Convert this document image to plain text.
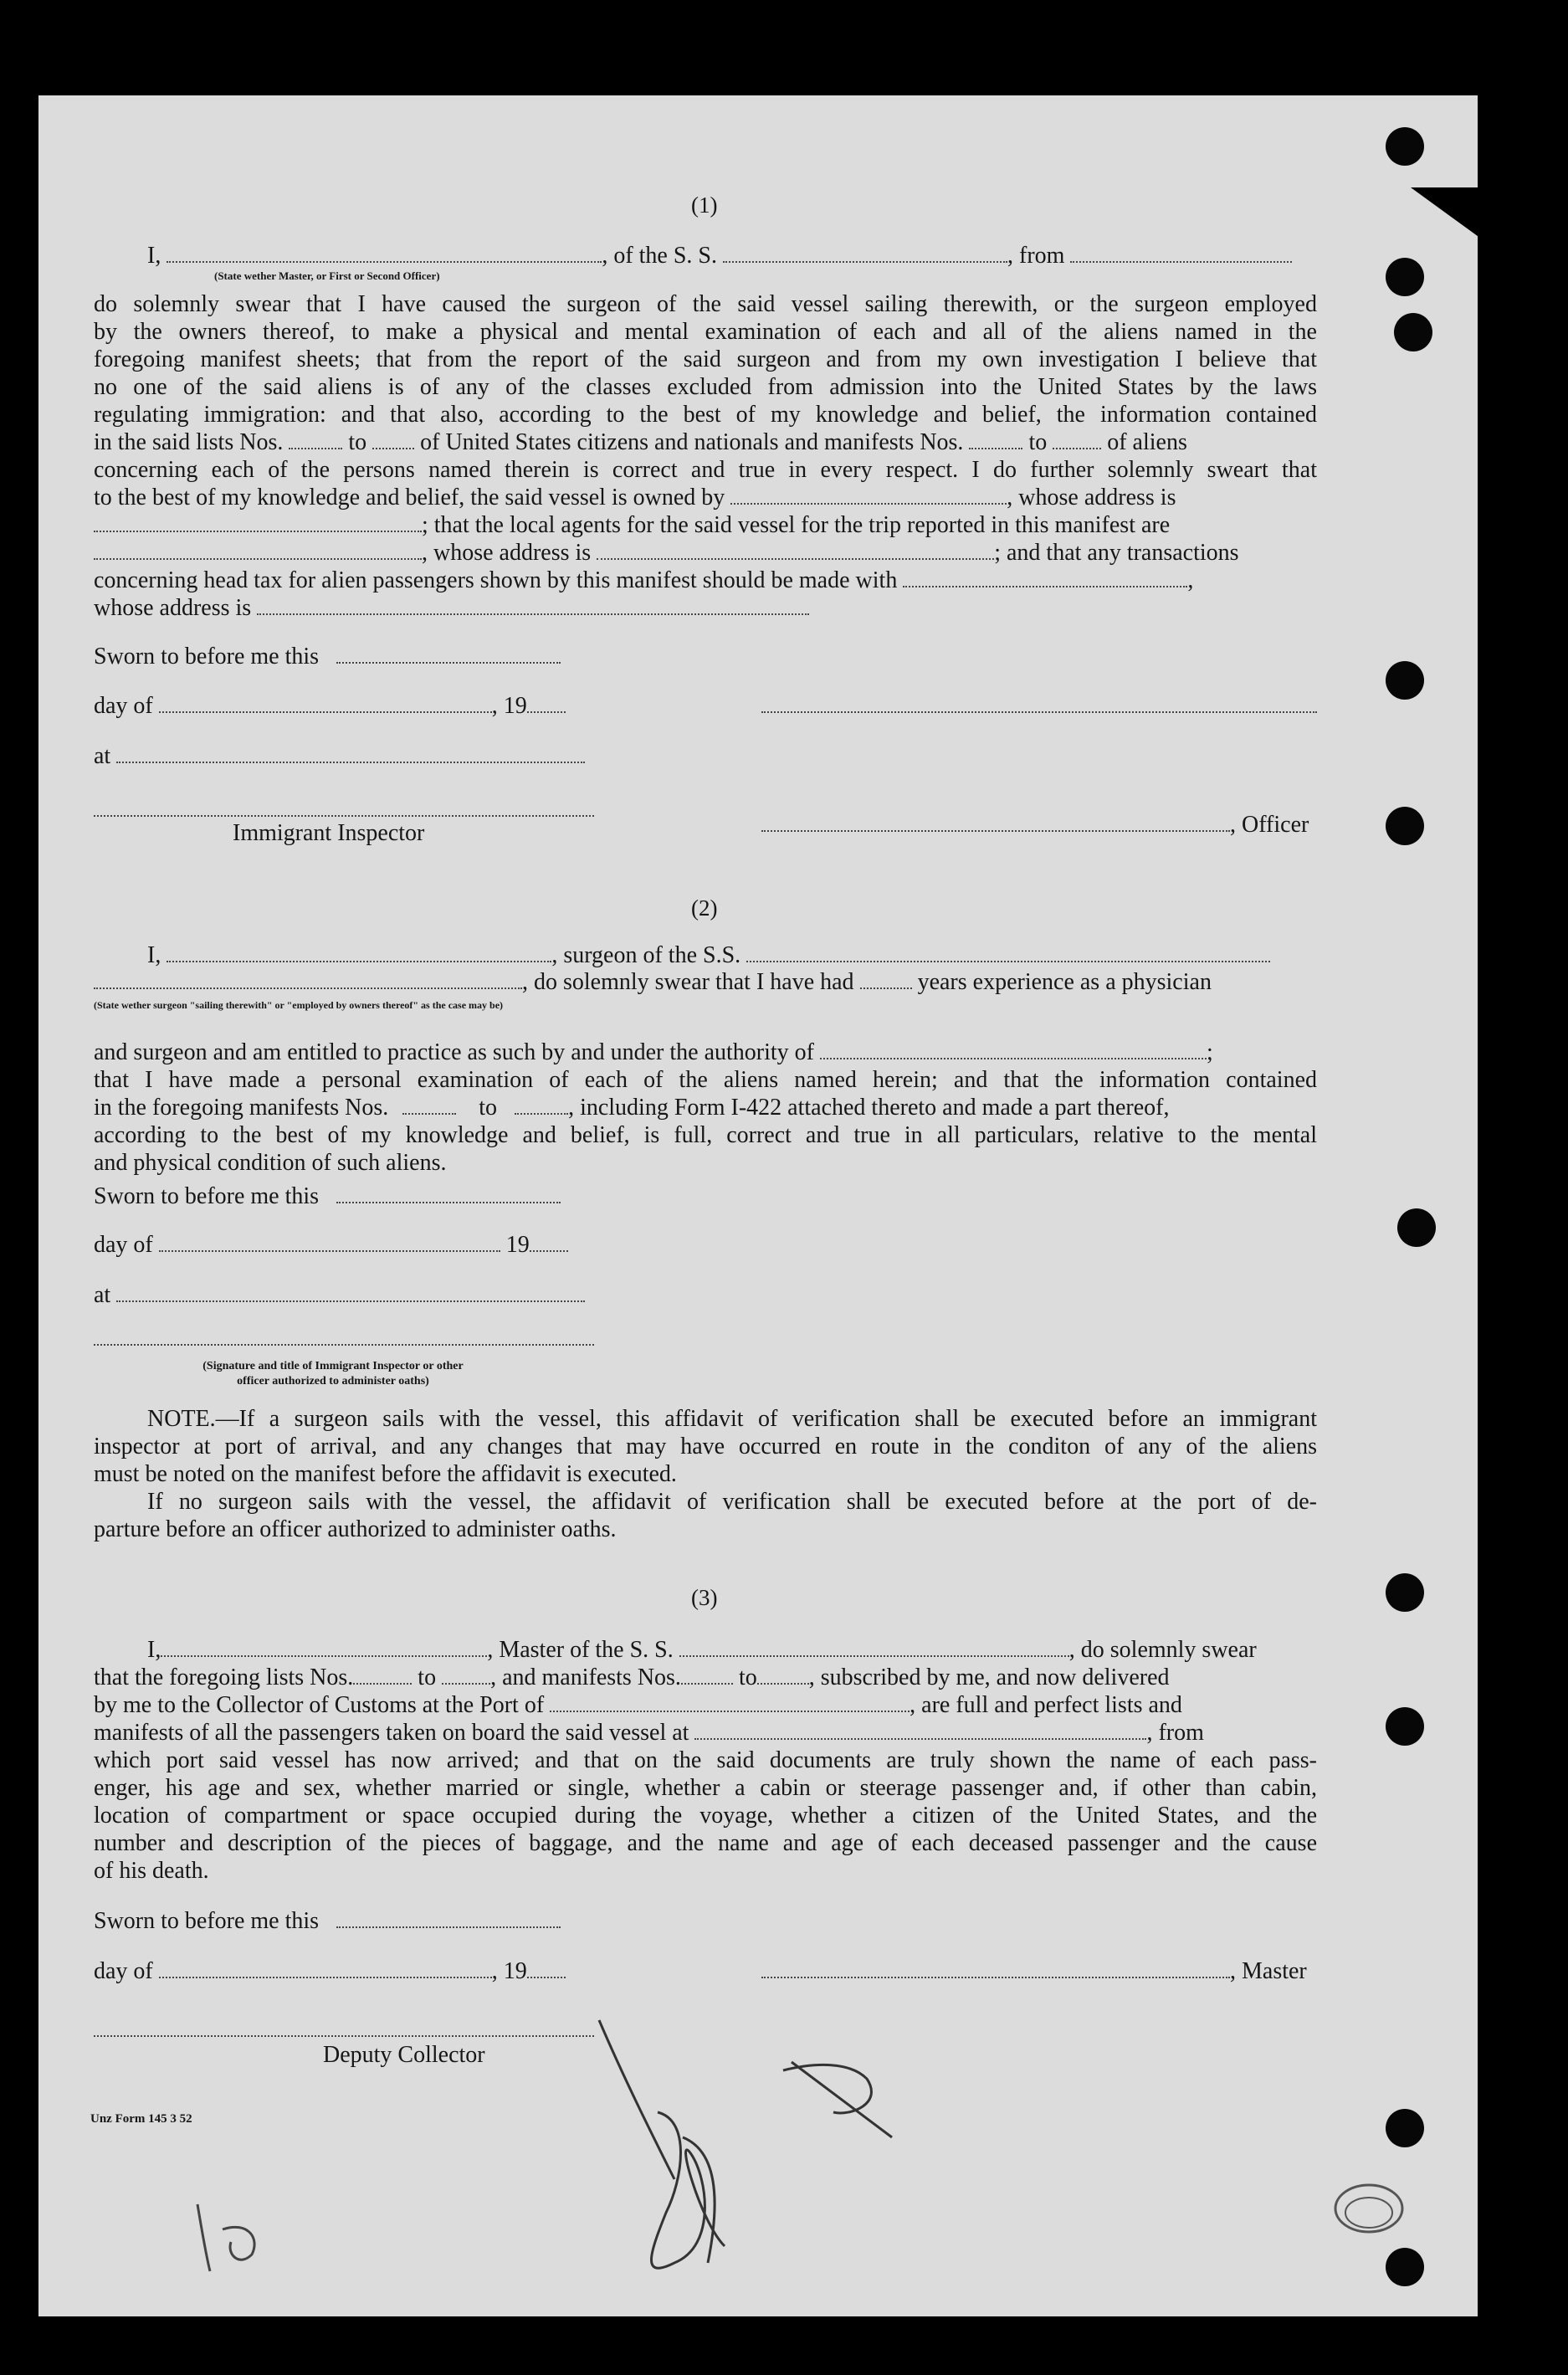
(1)
I,	, of the S. S.	, from
(State wether Master, or First or Second Officer)
do solemnly swear that I have caused the surgeon of the said vessel sailing therewith, or the surgeon employed
by the owners thereof, to make a physical and mental examination of each and all of the aliens named in the
foregoing manifest sheets; that from the report of the said surgeon and from my own investigation I believe that
no one of the said aliens is of any of the classes excluded from admission into the United States by the laws
regulating immigration: and that also, according to the best of my knowledge and belief, the information contained
in the said lists Nos.	to of United States citizens and nationals and manifests Nos.	to	of aliens
concerning each of the persons named therein is correct and true in every respect. I do further solemnly sweart that
to the best of my knowledge and belief, the said vessel is owned by	, whose address is
; that the local agents for the said vessel for the trip reported in this manifest are
, whose address is	; and that any transactions
concerning head tax for alien passengers shown by this manifest should be made with	,
whose address is
Sworn to before me this
day of	, 19
at
Immigrant Inspector	, Officer
(2)
I,	, surgeon of the S.S.
, do solemnly swear that I have had	years experience as a physician
(State wether surgeon "sailing therewith" or "employed by owners thereof" as the case may be)
and surgeon and am entitled to practice as such by and under the authority of	;
that I have made a personal examination of each of the aliens named herein; and that the information contained
in the foregoing manifests Nos.	to	, including Form I-422 attached thereto and made a part thereof,
according to the best of my knowledge and belief, is full, correct and true in all particulars, relative to the mental
and physical condition of such aliens.
Sworn to before me this
day of	19
at
(Signature and title of Immigrant Inspector or other
officer authorized to administer oaths)
NOTE.—If a surgeon sails with the vessel, this affidavit of verification shall be executed before an immigrant
inspector at port of arrival, and any changes that may have occurred en route in the conditon of any of the aliens
must be noted on the manifest before the affidavit is executed.
If no surgeon sails with the vessel, the affidavit of verification shall be executed before at the port of de-
parture before an officer authorized to administer oaths.
(3)
I,	, Master of the S. S.	, do solemnly swear
that the foregoing lists Nos.	to , and manifests Nos. to , subscribed by me, and now delivered
by me to the Collector of Customs at the Port of	, are full and perfect lists and
manifests of all the passengers taken on board the said vessel at	, from
which port said vessel has now arrived; and that on the said documents are truly shown the name of each pass-
enger, his age and sex, whether married or single, whether a cabin or steerage passenger and, if other than cabin,
location of compartment or space occupied during the voyage, whether a citizen of the United States, and the
number and description of the pieces of baggage, and the name and age of each deceased passenger and the cause
of his death.
Sworn to before me this
day of	, 19	, Master
Deputy Collector
Unz Form 145 3 52
